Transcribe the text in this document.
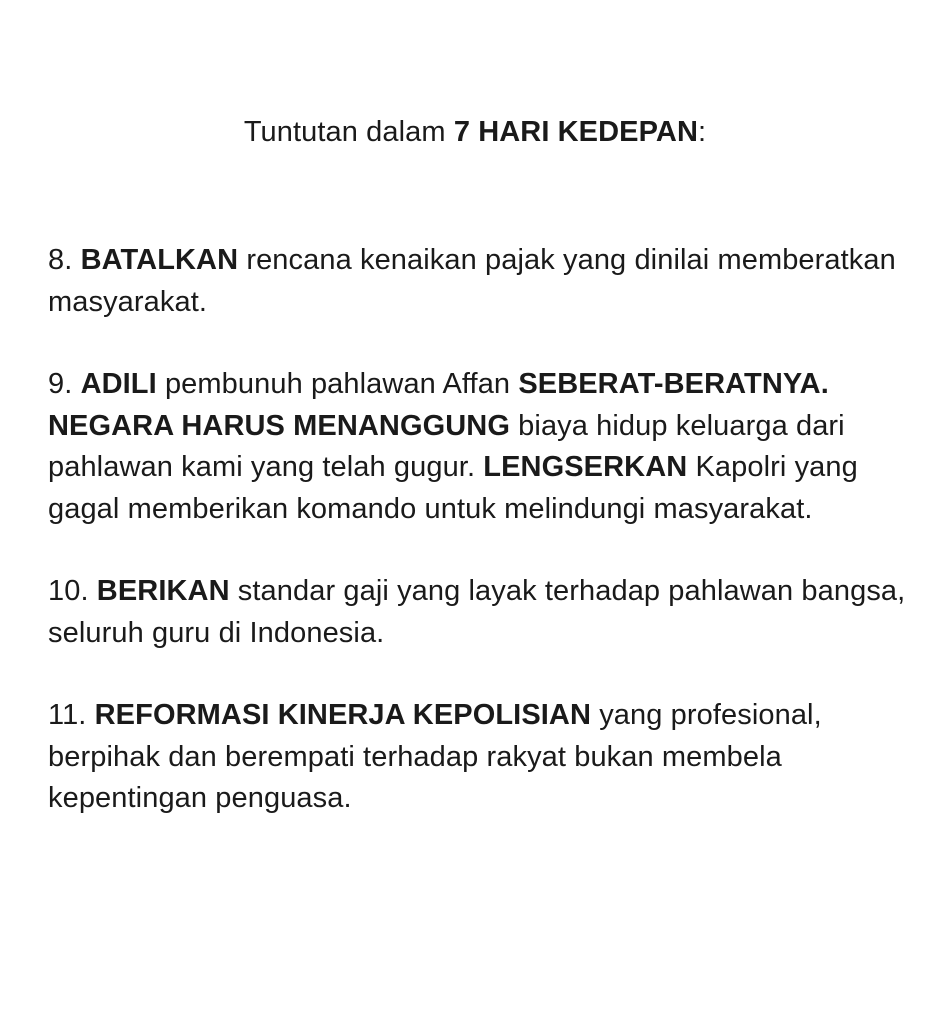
Tuntutan dalam 7 HARI KEDEPAN:

8. BATALKAN rencana kenaikan pajak yang dinilai memberatkan masyarakat.

9. ADILI pembunuh pahlawan Affan SEBERAT-BERATNYA. NEGARA HARUS MENANGGUNG biaya hidup keluarga dari pahlawan kami yang telah gugur. LENGSERKAN Kapolri yang gagal memberikan komando untuk melindungi masyarakat.

10. BERIKAN standar gaji yang layak terhadap pahlawan bangsa, seluruh guru di Indonesia.

11. REFORMASI KINERJA KEPOLISIAN yang profesional, berpihak dan berempati terhadap rakyat bukan membela kepentingan penguasa.
